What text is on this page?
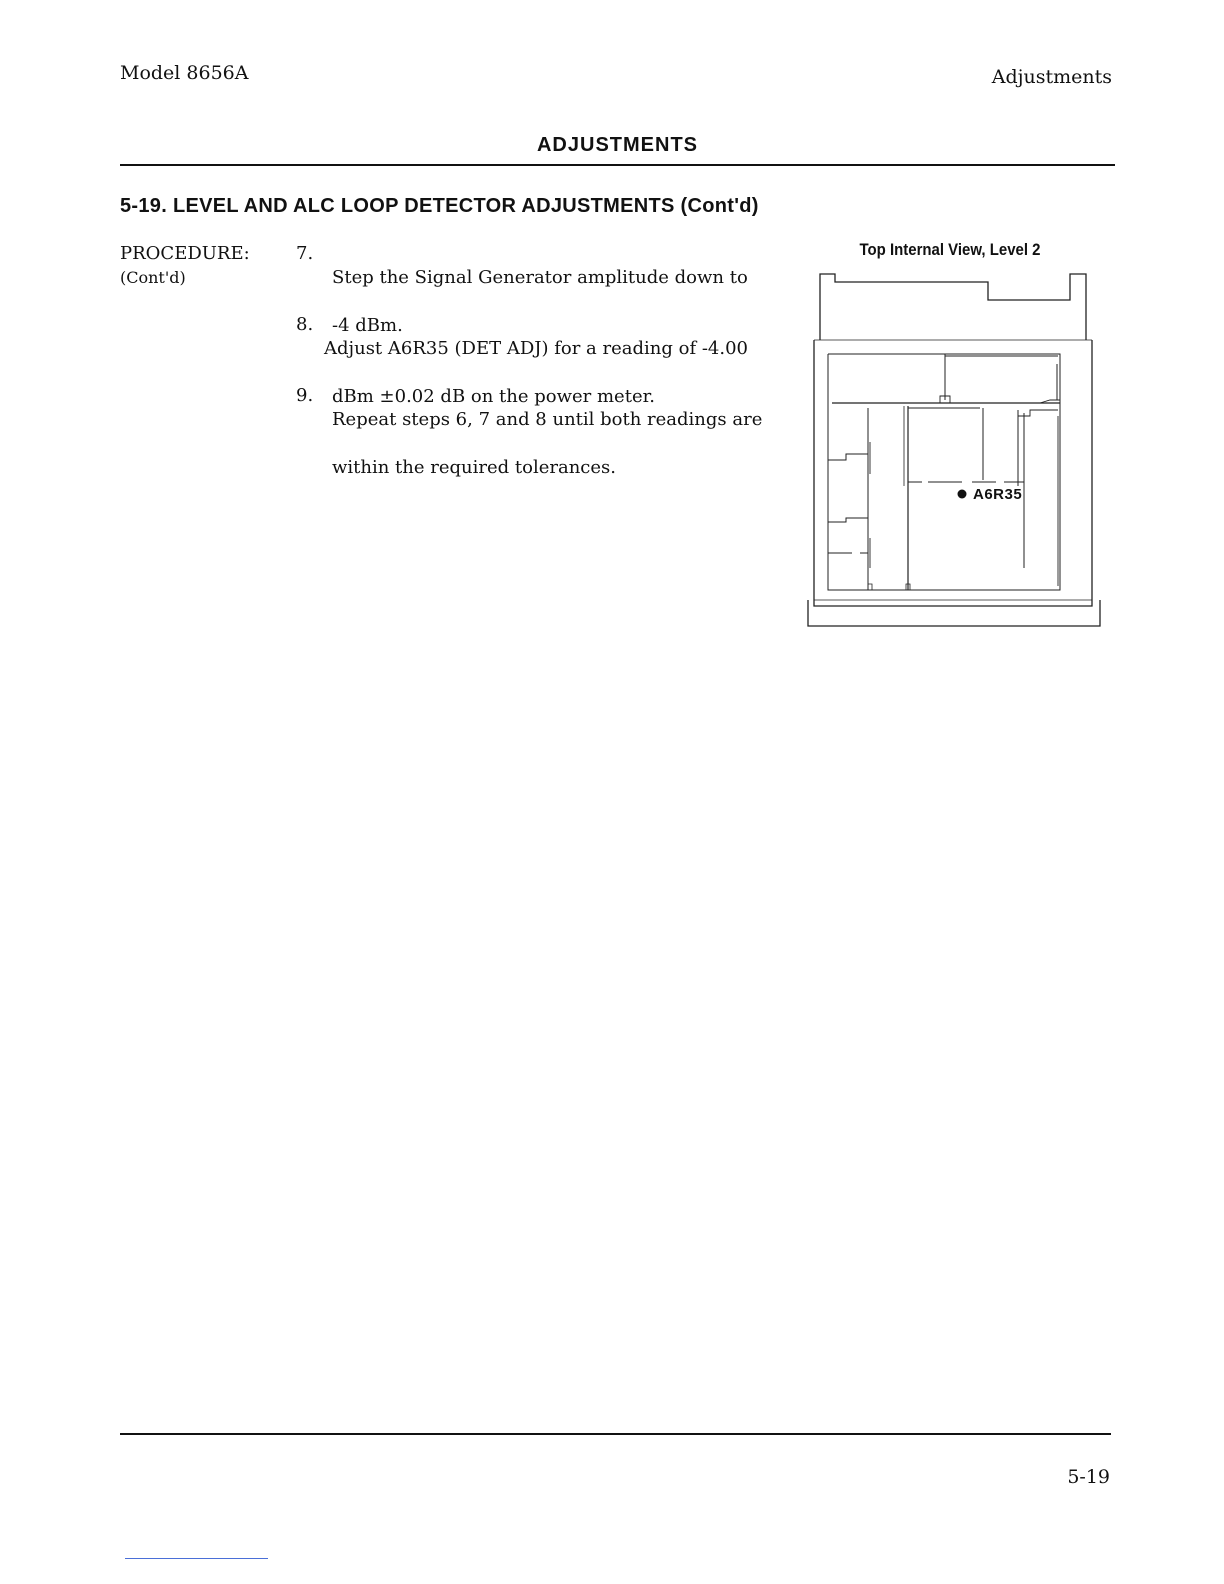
Model 8656A	Adjustments
ADJUSTMENTS
5-19. LEVEL AND ALC LOOP DETECTOR ADJUSTMENTS (Cont'd)
PROCEDURE:
(Cont'd)
7.

Step the Signal Generator amplitude down to

-4 dBm.

8.

Adjust A6R35 (DET ADJ) for a reading of -4.00

dBm ±0.02 dB on the power meter.

9.

Repeat steps 6, 7 and 8 until both readings are

within the required tolerances.

Top Internal View, Level 2
A6R35
5-19
